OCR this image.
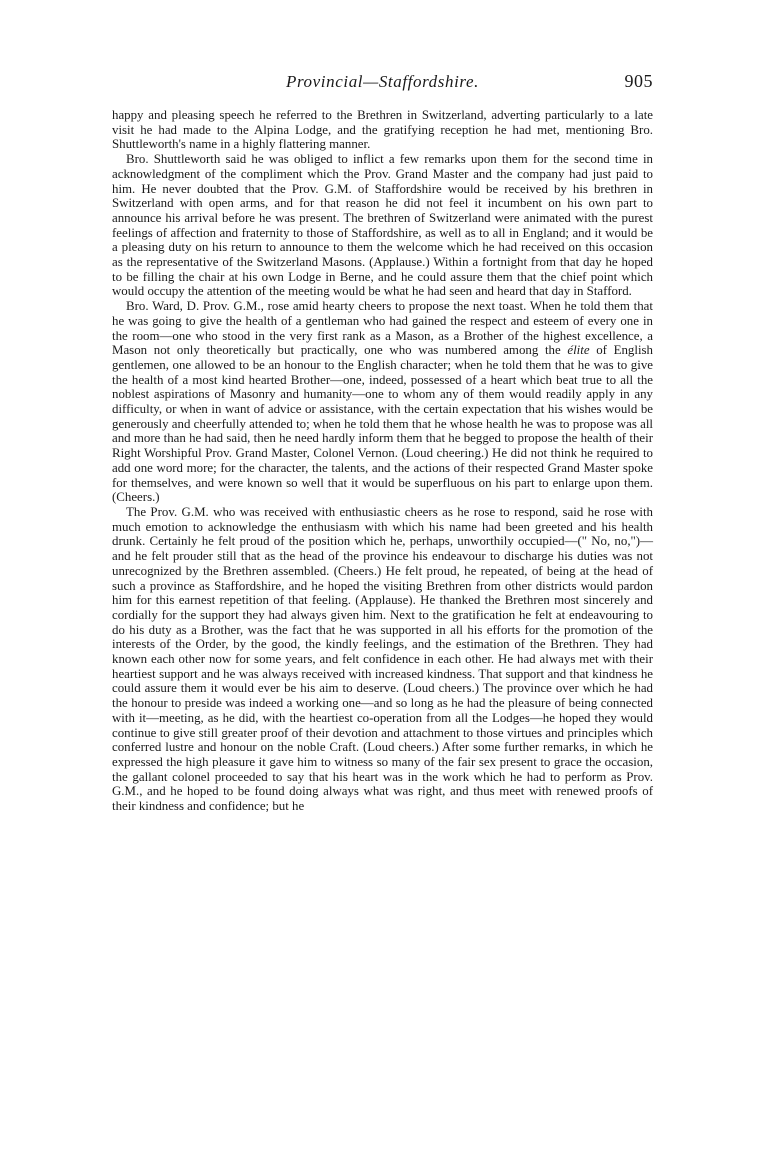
Provincial—Staffordshire.	905

happy and pleasing speech he referred to the Brethren in Switzerland, adverting particularly to a late visit he had made to the Alpina Lodge, and the gratifying reception he had met, mentioning Bro. Shuttleworth's name in a highly flattering manner.

Bro. Shuttleworth said he was obliged to inflict a few remarks upon them for the second time in acknowledgment of the compliment which the Prov. Grand Master and the company had just paid to him. He never doubted that the Prov. G.M. of Staffordshire would be received by his brethren in Switzerland with open arms, and for that reason he did not feel it incumbent on his own part to announce his arrival before he was present. The brethren of Switzerland were animated with the purest feelings of affection and fraternity to those of Staffordshire, as well as to all in England; and it would be a pleasing duty on his return to announce to them the welcome which he had received on this occasion as the representative of the Switzerland Masons. (Applause.) Within a fortnight from that day he hoped to be filling the chair at his own Lodge in Berne, and he could assure them that the chief point which would occupy the attention of the meeting would be what he had seen and heard that day in Stafford.

Bro. Ward, D. Prov. G.M., rose amid hearty cheers to propose the next toast. When he told them that he was going to give the health of a gentleman who had gained the respect and esteem of every one in the room—one who stood in the very first rank as a Mason, as a Brother of the highest excellence, a Mason not only theoretically but practically, one who was numbered among the élite of English gentlemen, one allowed to be an honour to the English character; when he told them that he was to give the health of a most kind hearted Brother—one, indeed, possessed of a heart which beat true to all the noblest aspirations of Masonry and humanity—one to whom any of them would readily apply in any difficulty, or when in want of advice or assistance, with the certain expectation that his wishes would be generously and cheerfully attended to; when he told them that he whose health he was to propose was all and more than he had said, then he need hardly inform them that he begged to propose the health of their Right Worshipful Prov. Grand Master, Colonel Vernon. (Loud cheering.) He did not think he required to add one word more; for the character, the talents, and the actions of their respected Grand Master spoke for themselves, and were known so well that it would be superfluous on his part to enlarge upon them. (Cheers.)

The Prov. G.M. who was received with enthusiastic cheers as he rose to respond, said he rose with much emotion to acknowledge the enthusiasm with which his name had been greeted and his health drunk. Certainly he felt proud of the position which he, perhaps, unworthily occupied—(" No, no,")—and he felt prouder still that as the head of the province his endeavour to discharge his duties was not unrecognized by the Brethren assembled. (Cheers.) He felt proud, he repeated, of being at the head of such a province as Staffordshire, and he hoped the visiting Brethren from other districts would pardon him for this earnest repetition of that feeling. (Applause). He thanked the Brethren most sincerely and cordially for the support they had always given him. Next to the gratification he felt at endeavouring to do his duty as a Brother, was the fact that he was supported in all his efforts for the promotion of the interests of the Order, by the good, the kindly feelings, and the estimation of the Brethren. They had known each other now for some years, and felt confidence in each other. He had always met with their heartiest support and he was always received with increased kindness. That support and that kindness he could assure them it would ever be his aim to deserve. (Loud cheers.) The province over which he had the honour to preside was indeed a working one—and so long as he had the pleasure of being connected with it—meeting, as he did, with the heartiest co-operation from all the Lodges—he hoped they would continue to give still greater proof of their devotion and attachment to those virtues and principles which conferred lustre and honour on the noble Craft. (Loud cheers.) After some further remarks, in which he expressed the high pleasure it gave him to witness so many of the fair sex present to grace the occasion, the gallant colonel proceeded to say that his heart was in the work which he had to perform as Prov. G.M., and he hoped to be found doing always what was right, and thus meet with renewed proofs of their kindness and confidence; but he
